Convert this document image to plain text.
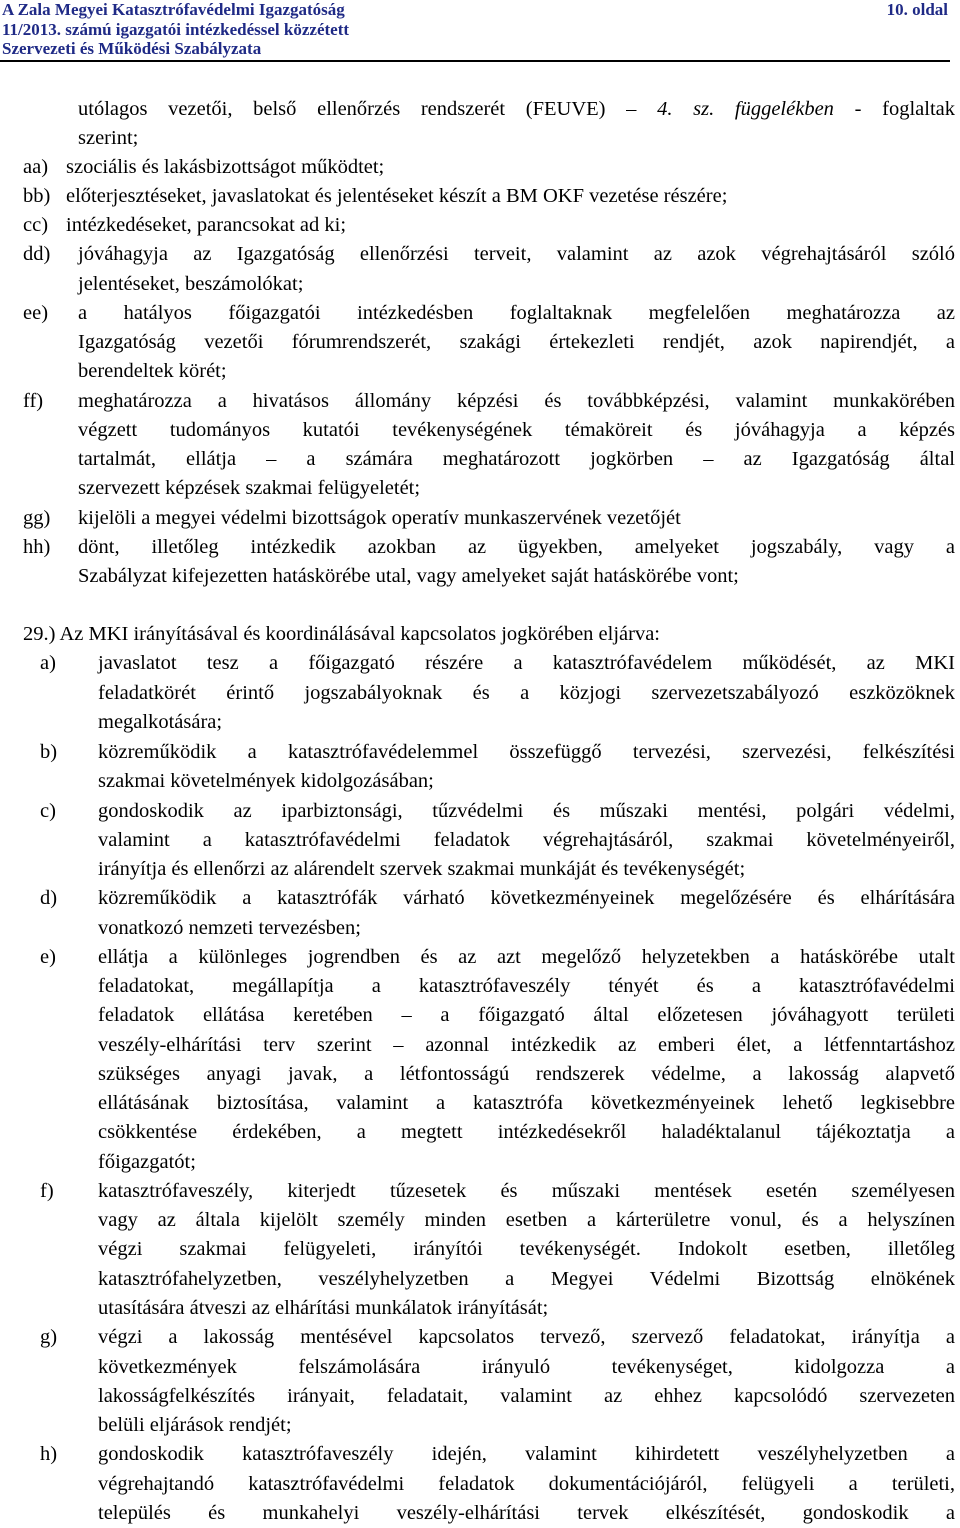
A Zala Megyei Katasztrófavédelmi Igazgatóság	10. oldal
11/2013. számú igazgatói intézkedéssel közzétett
Szervezeti és Működési Szabályzata
utólagos vezetői, belső ellenőrzés rendszerét (FEUVE) – 4. sz. függelékben - foglaltak
szerint;
aa) szociális és lakásbizottságot működtet;
bb) előterjesztéseket, javaslatokat és jelentéseket készít a BM OKF vezetése részére;
cc) intézkedéseket, parancsokat ad ki;
dd) jóváhagyja az Igazgatóság ellenőrzési terveit, valamint az azok végrehajtásáról szóló
jelentéseket, beszámolókat;
ee) a hatályos főigazgatói intézkedésben foglaltaknak megfelelően meghatározza az
Igazgatóság vezetői fórumrendszerét, szakági értekezleti rendjét, azok napirendjét, a
berendeltek körét;
ff) meghatározza a hivatásos állomány képzési és továbbképzési, valamint munkakörében
végzett tudományos kutatói tevékenységének témaköreit és jóváhagyja a képzés
tartalmát, ellátja – a számára meghatározott jogkörben – az Igazgatóság által
szervezett képzések szakmai felügyeletét;
gg) kijelöli a megyei védelmi bizottságok operatív munkaszervének vezetőjét
hh) dönt, illetőleg intézkedik azokban az ügyekben, amelyeket jogszabály, vagy a
Szabályzat kifejezetten hatáskörébe utal, vagy amelyeket saját hatáskörébe vont;
29.) Az MKI irányításával és koordinálásával kapcsolatos jogkörében eljárva:
a) javaslatot tesz a főigazgató részére a katasztrófavédelem működését, az MKI
feladatkörét érintő jogszabályoknak és a közjogi szervezetszabályozó eszközöknek
megalkotására;
b) közreműködik a katasztrófavédelemmel összefüggő tervezési, szervezési, felkészítési
szakmai követelmények kidolgozásában;
c) gondoskodik az iparbiztonsági, tűzvédelmi és műszaki mentési, polgári védelmi,
valamint a katasztrófavédelmi feladatok végrehajtásáról, szakmai követelményeiről,
irányítja és ellenőrzi az alárendelt szervek szakmai munkáját és tevékenységét;
d) közreműködik a katasztrófák várható következményeinek megelőzésére és elhárítására
vonatkozó nemzeti tervezésben;
e) ellátja a különleges jogrendben és az azt megelőző helyzetekben a hatáskörébe utalt
feladatokat, megállapítja a katasztrófaveszély tényét és a katasztrófavédelmi
feladatok ellátása keretében – a főigazgató által előzetesen jóváhagyott területi
veszély-elhárítási terv szerint – azonnal intézkedik az emberi élet, a létfenntartáshoz
szükséges anyagi javak, a létfontosságú rendszerek védelme, a lakosság alapvető
ellátásának biztosítása, valamint a katasztrófa következményeinek lehető legkisebbre
csökkentése érdekében, a megtett intézkedésekről haladéktalanul tájékoztatja a
főigazgatót;
f) katasztrófaveszély, kiterjedt tűzesetek és műszaki mentések esetén személyesen
vagy az általa kijelölt személy minden esetben a kárterületre vonul, és a helyszínen
végzi szakmai felügyeleti, irányítói tevékenységét. Indokolt esetben, illetőleg
katasztrófahelyzetben, veszélyhelyzetben a Megyei Védelmi Bizottság elnökének
utasítására átveszi az elhárítási munkálatok irányítását;
g) végzi a lakosság mentésével kapcsolatos tervező, szervező feladatokat, irányítja a
következmények felszámolására irányuló tevékenységet, kidolgozza a
lakosságfelkészítés irányait, feladatait, valamint az ehhez kapcsolódó szervezeten
belüli eljárások rendjét;
h) gondoskodik katasztrófaveszély idején, valamint kihirdetett veszélyhelyzetben a
végrehajtandó katasztrófavédelmi feladatok dokumentációjáról, felügyeli a területi,
település és munkahelyi veszély-elhárítási tervek elkészítését, gondoskodik a
